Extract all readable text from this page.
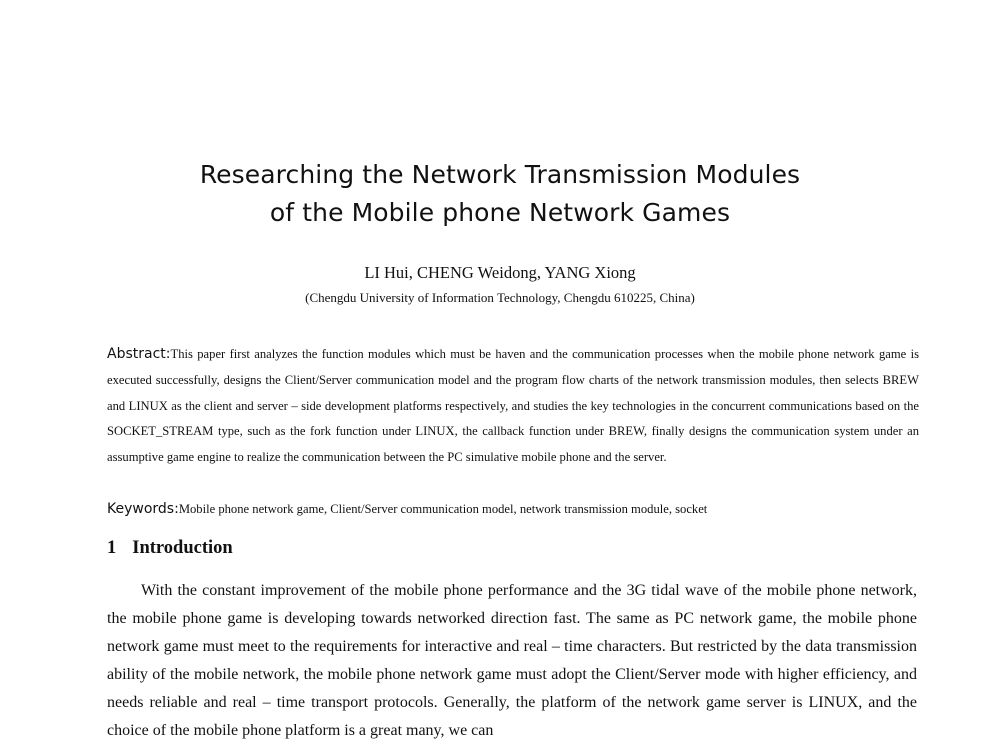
Researching the Network Transmission Modules
of the Mobile phone Network Games
LI Hui, CHENG Weidong, YANG Xiong
(Chengdu University of Information Technology, Chengdu 610225, China)
Abstract:This paper first analyzes the function modules which must be haven and the communication processes when the mobile phone network game is executed successfully, designs the Client/Server communication model and the program flow charts of the network transmission modules, then selects BREW and LINUX as the client and server – side development platforms respectively, and studies the key technologies in the concurrent communications based on the SOCKET_STREAM type, such as the fork function under LINUX, the callback function under BREW, finally designs the communication system under an assumptive game engine to realize the communication between the PC simulative mobile phone and the server.
Keywords:Mobile phone network game, Client/Server communication model, network transmission module, socket
1 Introduction
With the constant improvement of the mobile phone performance and the 3G tidal wave of the mobile phone network, the mobile phone game is developing towards networked direction fast. The same as PC network game, the mobile phone network game must meet to the requirements for interactive and real – time characters. But restricted by the data transmission ability of the mobile network, the mobile phone network game must adopt the Client/Server mode with higher efficiency, and needs reliable and real – time transport protocols. Generally, the platform of the network game server is LINUX, and the choice of the mobile phone platform is a great many, we can
